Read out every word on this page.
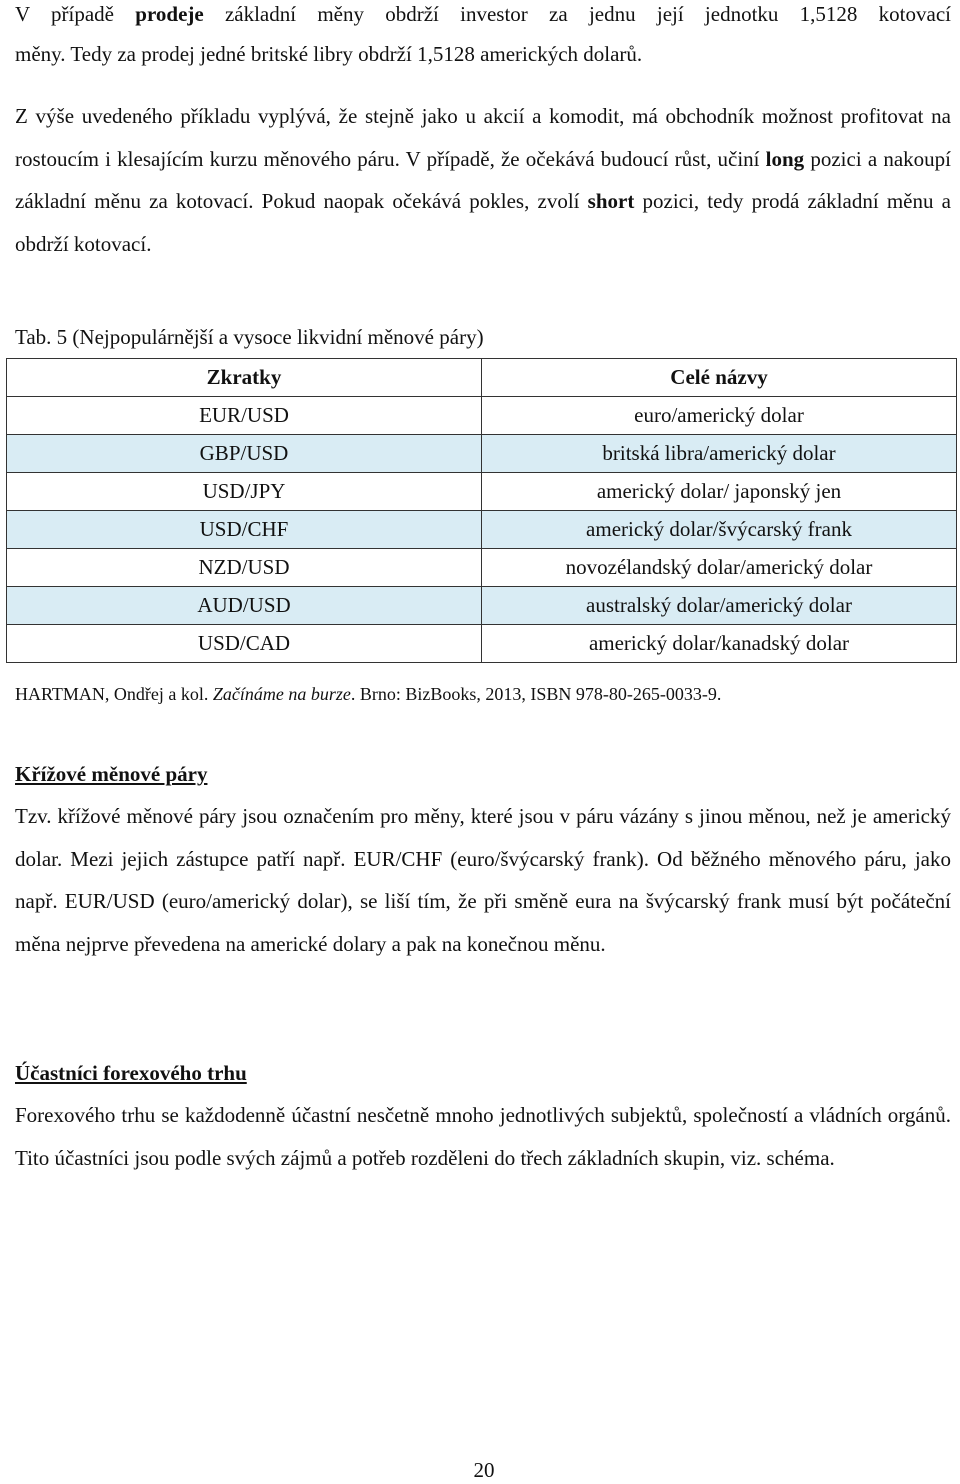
V případě prodeje základní měny obdrží investor za jednu její jednotku 1,5128 kotovací

měny. Tedy za prodej jedné britské libry obdrží 1,5128 amerických dolarů.

Z výše uvedeného příkladu vyplývá, že stejně jako u akcií a komodit, má obchodník možnost profitovat na rostoucím i klesajícím kurzu měnového páru. V případě, že očekává budoucí růst, učiní long pozici a nakoupí základní měnu za kotovací. Pokud naopak očekává pokles, zvolí short pozici, tedy prodá základní měnu a obdrží kotovací.

Tab. 5 (Nejpopulárnější a vysoce likvidní měnové páry)
Zkratky	Celé názvy
EUR/USD	euro/americký dolar
GBP/USD	britská libra/americký dolar
USD/JPY	americký dolar/ japonský jen
USD/CHF	americký dolar/švýcarský frank
NZD/USD	novozélandský dolar/americký dolar
AUD/USD	australský dolar/americký dolar
USD/CAD	americký dolar/kanadský dolar
HARTMAN, Ondřej a kol. Začínáme na burze. Brno: BizBooks, 2013, ISBN 978-80-265-0033-9.
Křížové měnové páry

Tzv. křížové měnové páry jsou označením pro měny, které jsou v páru vázány s jinou měnou, než je americký dolar. Mezi jejich zástupce patří např. EUR/CHF (euro/švýcarský frank). Od běžného měnového páru, jako např. EUR/USD (euro/americký dolar), se liší tím, že při směně eura na švýcarský frank musí být počáteční měna nejprve převedena na americké dolary a pak na konečnou měnu.

Účastníci forexového trhu

Forexového trhu se každodenně účastní nesčetně mnoho jednotlivých subjektů, společností a vládních orgánů. Tito účastníci jsou podle svých zájmů a potřeb rozděleni do třech základních skupin, viz. schéma.

20
